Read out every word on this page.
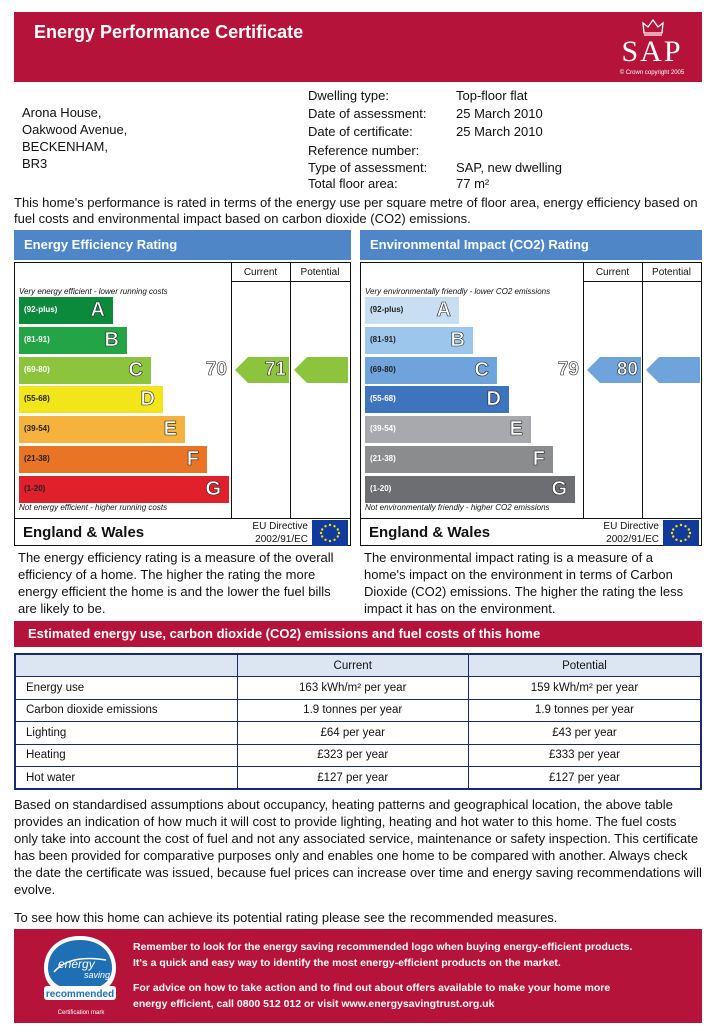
Energy Performance Certificate
SAP
© Crown copyright 2005
Arona House,
Oakwood Avenue,
BECKENHAM,
BR3
Dwelling type:	Top-floor flat
Date of assessment: 25 March 2010
Date of certificate:	25 March 2010
Reference number:
Type of assessment: SAP, new dwelling
Total floor area:	77 m²
This home's performance is rated in terms of the energy use per square metre of floor area, energy efficiency based on fuel costs and environmental impact based on carbon dioxide (CO2) emissions.
Energy Efficiency Rating
Current	Potential
Very energy efficient - lower running costs
Not energy efficient - higher running costs
(92-plus) A
(81-91)	B
(69-80)	C
(55-68)	D
(39-54)	E
(21-38)	F
(1-20)	G
70 71
England & Wales	EU Directive
2002/91/EC
The energy efficiency rating is a measure of the overall efficiency of a home. The higher the rating the more energy efficient the home is and the lower the fuel bills are likely to be.
Environmental Impact (CO2) Rating
Current	Potential
Very environmentally friendly - lower CO2 emissions
Not environmentally friendly - higher CO2 emissions
(92-plus) A
(81-91)	B
(69-80)	C
(55-68)	D
(39-54)	E
(21-38)	F
(1-20)	G
79 80
England & Wales	EU Directive
2002/91/EC
The environmental impact rating is a measure of a home's impact on the environment in terms of Carbon Dioxide (CO2) emissions. The higher the rating the less impact it has on the environment.
Estimated energy use, carbon dioxide (CO2) emissions and fuel costs of this home
	Current	Potential
Energy use	163 kWh/m² per year	159 kWh/m² per year
Carbon dioxide emissions	1.9 tonnes per year	1.9 tonnes per year
Lighting	£64 per year	£43 per year
Heating	£323 per year	£333 per year
Hot water	£127 per year	£127 per year
Based on standardised assumptions about occupancy, heating patterns and geographical location, the above table provides an indication of how much it will cost to provide lighting, heating and hot water to this home. The fuel costs only take into account the cost of fuel and not any associated service, maintenance or safety inspection. This certificate has been provided for comparative purposes only and enables one home to be compared with another. Always check the date the certificate was issued, because fuel prices can increase over time and energy saving recommendations will evolve.
To see how this home can achieve its potential rating please see the recommended measures.
energy
saving
recommended
Certification mark
Remember to look for the energy saving recommended logo when buying energy-efficient products.
It's a quick and easy way to identify the most energy-efficient products on the market.
For advice on how to take action and to find out about offers available to make your home more
energy efficient, call 0800 512 012 or visit www.energysavingtrust.org.uk
